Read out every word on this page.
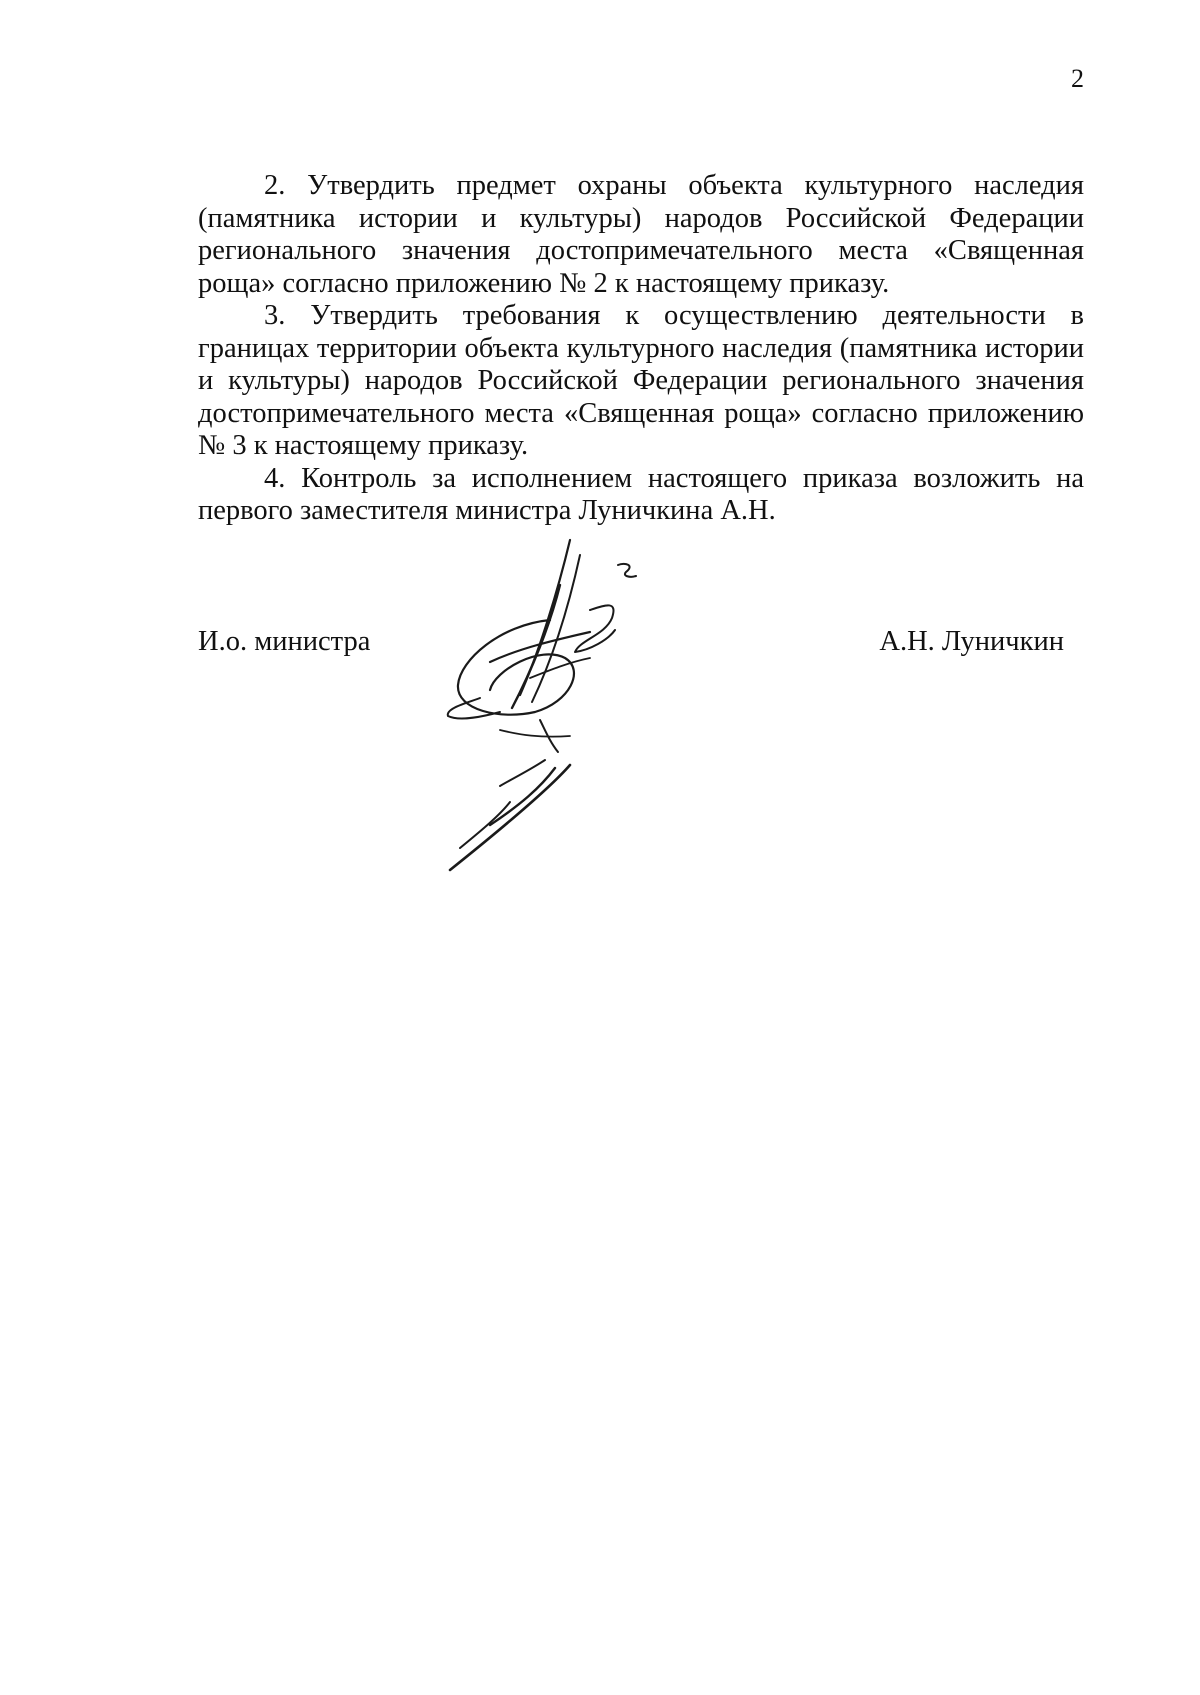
2

2. Утвердить предмет охраны объекта культурного наследия (памятника истории и культуры) народов Российской Федерации регионального значения достопримечательного места «Священная роща» согласно приложению № 2 к настоящему приказу.

3. Утвердить требования к осуществлению деятельности в границах территории объекта культурного наследия (памятника истории и культуры) народов Российской Федерации регионального значения достопримечательного места «Священная роща» согласно приложению № 3 к настоящему приказу.

4. Контроль за исполнением настоящего приказа возложить на первого заместителя министра Луничкина А.Н.

И.о. министра	А.Н. Луничкин
